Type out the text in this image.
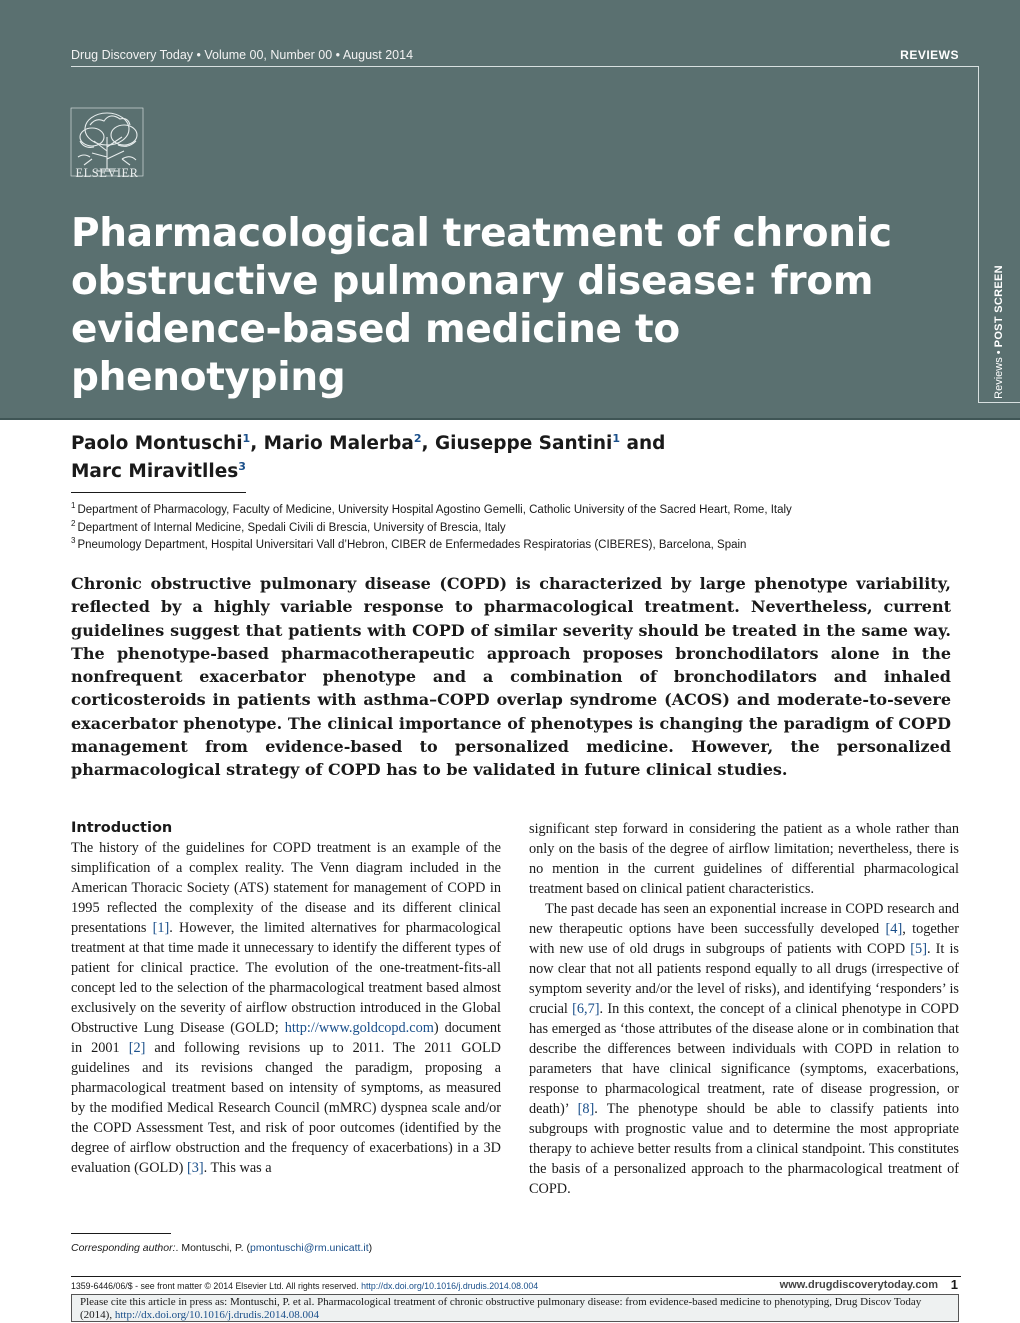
Drug Discovery Today • Volume 00, Number 00 • August 2014	REVIEWS
ELSEVIER
Pharmacological treatment of chronic obstructive pulmonary disease: from evidence-based medicine to phenotyping	Reviews • POST SCREEN
Paolo Montuschi$^1$, Mario Malerba$^2$, Giuseppe Santini$^1$ and
Marc Miravitlles$^3$
$^1$ Department of Pharmacology, Faculty of Medicine, University Hospital Agostino Gemelli, Catholic University of the Sacred Heart, Rome, Italy
$^2$ Department of Internal Medicine, Spedali Civili di Brescia, University of Brescia, Italy
$^3$ Pneumology Department, Hospital Universitari Vall d’Hebron, CIBER de Enfermedades Respiratorias (CIBERES), Barcelona, Spain

Chronic obstructive pulmonary disease (COPD) is characterized by large phenotype variability, reflected by a highly variable response to pharmacological treatment. Nevertheless, current guidelines suggest that patients with COPD of similar severity should be treated in the same way. The phenotype-based pharmacotherapeutic approach proposes bronchodilators alone in the nonfrequent exacerbator phenotype and a combination of bronchodilators and inhaled corticosteroids in patients with asthma–COPD overlap syndrome (ACOS) and moderate-to-severe exacerbator phenotype. The clinical importance of phenotypes is changing the paradigm of COPD management from evidence-based to personalized medicine. However, the personalized pharmacological strategy of COPD has to be validated in future clinical studies.

Introduction

The history of the guidelines for COPD treatment is an example of the simplification of a complex reality. The Venn diagram included in the American Thoracic Society (ATS) statement for management of COPD in 1995 reflected the complexity of the disease and its different clinical presentations [1]. However, the limited alternatives for pharmacological treatment at that time made it unnecessary to identify the different types of patient for clinical practice. The evolution of the one-treatment-fits-all concept led to the selection of the pharmacological treatment based almost exclusively on the severity of airflow obstruction introduced in the Global Obstructive Lung Disease (GOLD; http://www.goldcopd.com) document in 2001 [2] and following revisions up to 2011. The 2011 GOLD guidelines and its revisions changed the paradigm, proposing a pharmacological treatment based on intensity of symptoms, as measured by the modified Medical Research Council (mMRC) dyspnea scale and/or the COPD Assessment Test, and risk of poor outcomes (identified by the degree of airflow obstruction and the frequency of exacerbations) in a 3D evaluation (GOLD) [3]. This was a

significant step forward in considering the patient as a whole rather than only on the basis of the degree of airflow limitation; nevertheless, there is no mention in the current guidelines of differential pharmacological treatment based on clinical patient characteristics.

The past decade has seen an exponential increase in COPD research and new therapeutic options have been successfully developed [4], together with new use of old drugs in subgroups of patients with COPD [5]. It is now clear that not all patients respond equally to all drugs (irrespective of symptom severity and/or the level of risks), and identifying ‘responders’ is crucial [6,7]. In this context, the concept of a clinical phenotype in COPD has emerged as ‘those attributes of the disease alone or in combination that describe the differences between individuals with COPD in relation to parameters that have clinical significance (symptoms, exacerbations, response to pharmacological treatment, rate of disease progression, or death)’ [8]. The phenotype should be able to classify patients into subgroups with prognostic value and to determine the most appropriate therapy to achieve better results from a clinical standpoint. This constitutes the basis of a personalized approach to the pharmacological treatment of COPD.

Corresponding author:. Montuschi, P. (pmontuschi@rm.unicatt.it)
1359-6446/06/$ - see front matter © 2014 Elsevier Ltd. All rights reserved. http://dx.doi.org/10.1016/j.drudis.2014.08.004	www.drugdiscoverytoday.com 1
Please cite this article in press as: Montuschi, P. et al. Pharmacological treatment of chronic obstructive pulmonary disease: from evidence-based medicine to phenotyping, Drug Discov Today (2014), http://dx.doi.org/10.1016/j.drudis.2014.08.004
